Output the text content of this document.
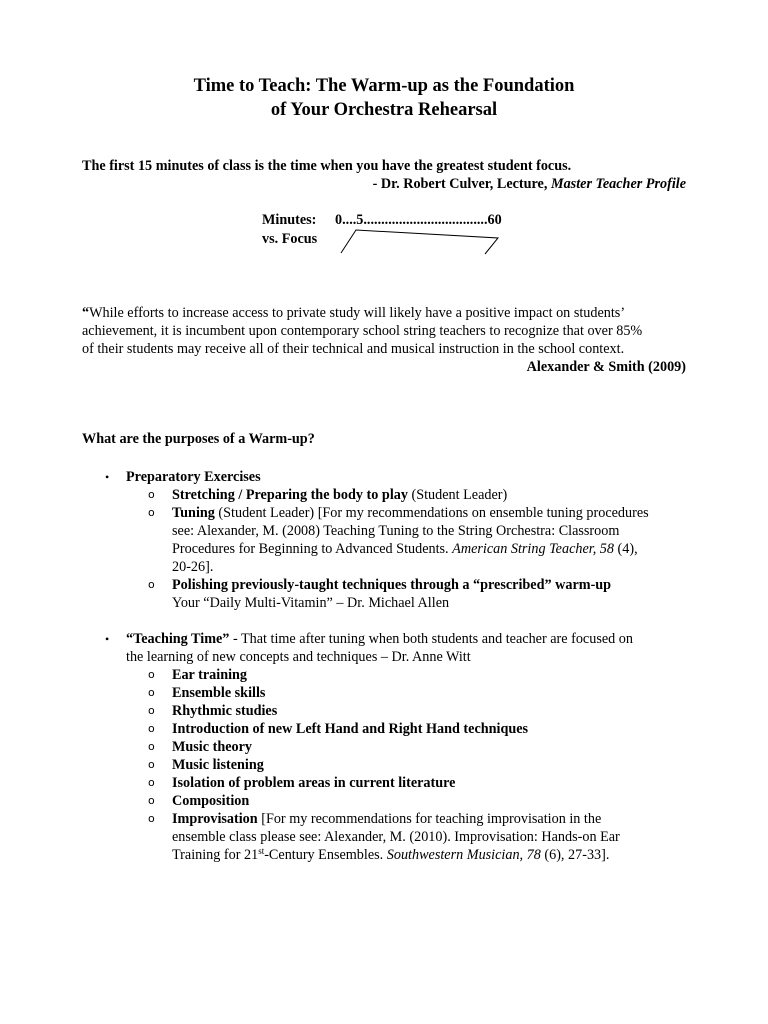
Time to Teach: The Warm-up as the Foundation
of Your Orchestra Rehearsal
The first 15 minutes of class is the time when you have the greatest student focus.
- Dr. Robert Culver, Lecture, Master Teacher Profile
Minutes: 0....5...................................60
vs. Focus
“While efforts to increase access to private study will likely have a positive impact on students’
achievement, it is incumbent upon contemporary school string teachers to recognize that over 85%
of their students may receive all of their technical and musical instruction in the school context.
Alexander & Smith (2009)
What are the purposes of a Warm-up?
• Preparatory Exercises
o Stretching / Preparing the body to play (Student Leader)
o Tuning (Student Leader) [For my recommendations on ensemble tuning procedures
see: Alexander, M. (2008) Teaching Tuning to the String Orchestra: Classroom
Procedures for Beginning to Advanced Students. American String Teacher, 58 (4),
20-26].
o Polishing previously-taught techniques through a “prescribed” warm-up
Your “Daily Multi-Vitamin” – Dr. Michael Allen
• “Teaching Time” - That time after tuning when both students and teacher are focused on
the learning of new concepts and techniques – Dr. Anne Witt
o Ear training
o Ensemble skills
o Rhythmic studies
o Introduction of new Left Hand and Right Hand techniques
o Music theory
o Music listening
o Isolation of problem areas in current literature
o Composition
o Improvisation [For my recommendations for teaching improvisation in the
ensemble class please see: Alexander, M. (2010). Improvisation: Hands-on Ear
Training for 21st-Century Ensembles. Southwestern Musician, 78 (6), 27-33].
